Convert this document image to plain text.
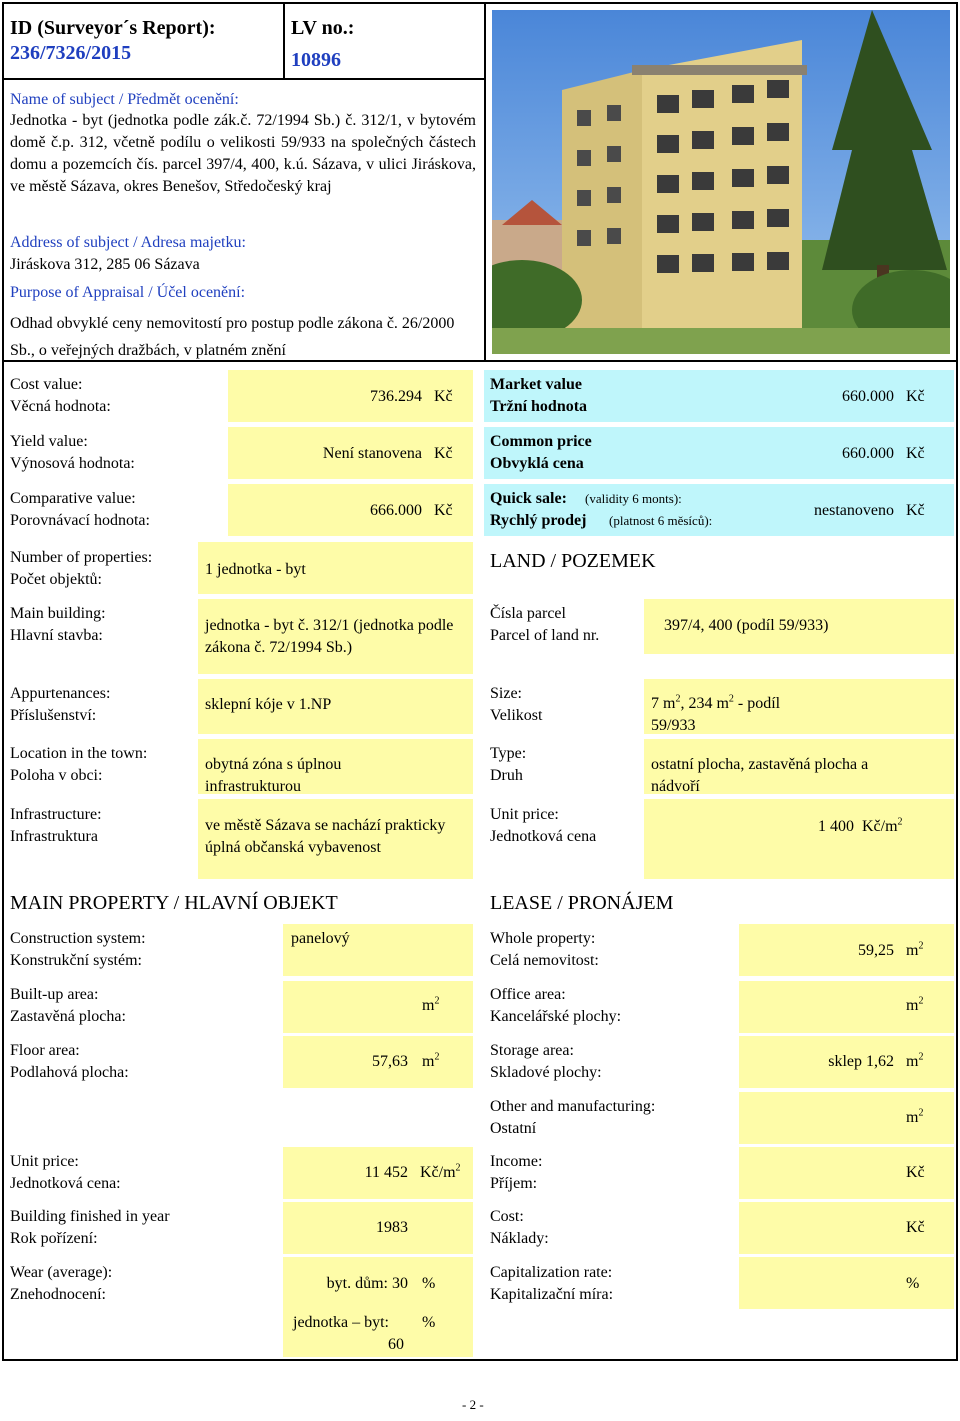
ID (Surveyor´s Report):
236/7326/2015
LV no.:
10896
Name of subject / Předmět ocenění:
Jednotka - byt (jednotka podle zák.č. 72/1994 Sb.) č. 312/1, v bytovém domě č.p. 312, včetně podílu o velikosti 59/933 na společných částech domu a pozemcích čís. parcel 397/4, 400, k.ú. Sázava, v ulici Jiráskova, ve městě Sázava, okres Benešov, Středočeský kraj
Address of subject / Adresa majetku:
Jiráskova 312, 285 06 Sázava
Purpose of Appraisal / Účel ocenění:
Odhad obvyklé ceny nemovitostí pro postup podle zákona č. 26/2000 Sb., o veřejných dražbách, v platném znění
Cost value:
Věcná hodnota:
736.294 Kč
Yield value:
Výnosová hodnota:
Není stanovena Kč
Comparative value:
Porovnávací hodnota:
666.000 Kč
Market value
Tržní hodnota
660.000 Kč
Common price
Obvyklá cena
660.000 Kč
Quick sale: (validity 6 monts):
Rychlý prodej (platnost 6 měsíců):
nestanoveno Kč
Number of properties:
Počet objektů:
1 jednotka - byt
Main building:
Hlavní stavba:
jednotka - byt č. 312/1 (jednotka podle zákona č. 72/1994 Sb.)
Appurtenances:
Příslušenství:
sklepní kóje v 1.NP
Location in the town:
Poloha v obci:
obytná zóna s úplnou infrastrukturou
Infrastructure:
Infrastruktura
ve městě Sázava se nachází prakticky úplná občanská vybavenost
LAND / POZEMEK
Čísla parcel
Parcel of land nr.
397/4, 400 (podíl 59/933)
Size:
Velikost
7 $m^2$, 234 $m^2$ - podíl
59/933
Type:
Druh
ostatní plocha, zastavěná plocha a nádvoří
Unit price:
Jednotková cena
1 400 $Kč/m^2$
MAIN PROPERTY / HLAVNÍ OBJEKT
Construction system:
Konstrukční systém:
panelový
Built-up area:
Zastavěná plocha:
$m^2$
Floor area:
Podlahová plocha:
57,63 $m^2$
Unit price:
Jednotková cena:
11 452 $Kč/m^2$
Building finished in year
Rok pořízení:
1983
Wear (average):
Znehodnocení:
byt. dům: 30 %
jednotka – byt: %
60
LEASE / PRONÁJEM
Whole property:
Celá nemovitost:
59,25 $m^2$
Office area:
Kancelářské plochy:
$m^2$
Storage area:
Skladové plochy:
sklep 1,62 $m^2$
Other and manufacturing:
Ostatní
$m^2$
Income:
Příjem:
Kč
Cost:
Náklady:
Kč
Capitalization rate:
Kapitalizační míra:
%
- 2 -
